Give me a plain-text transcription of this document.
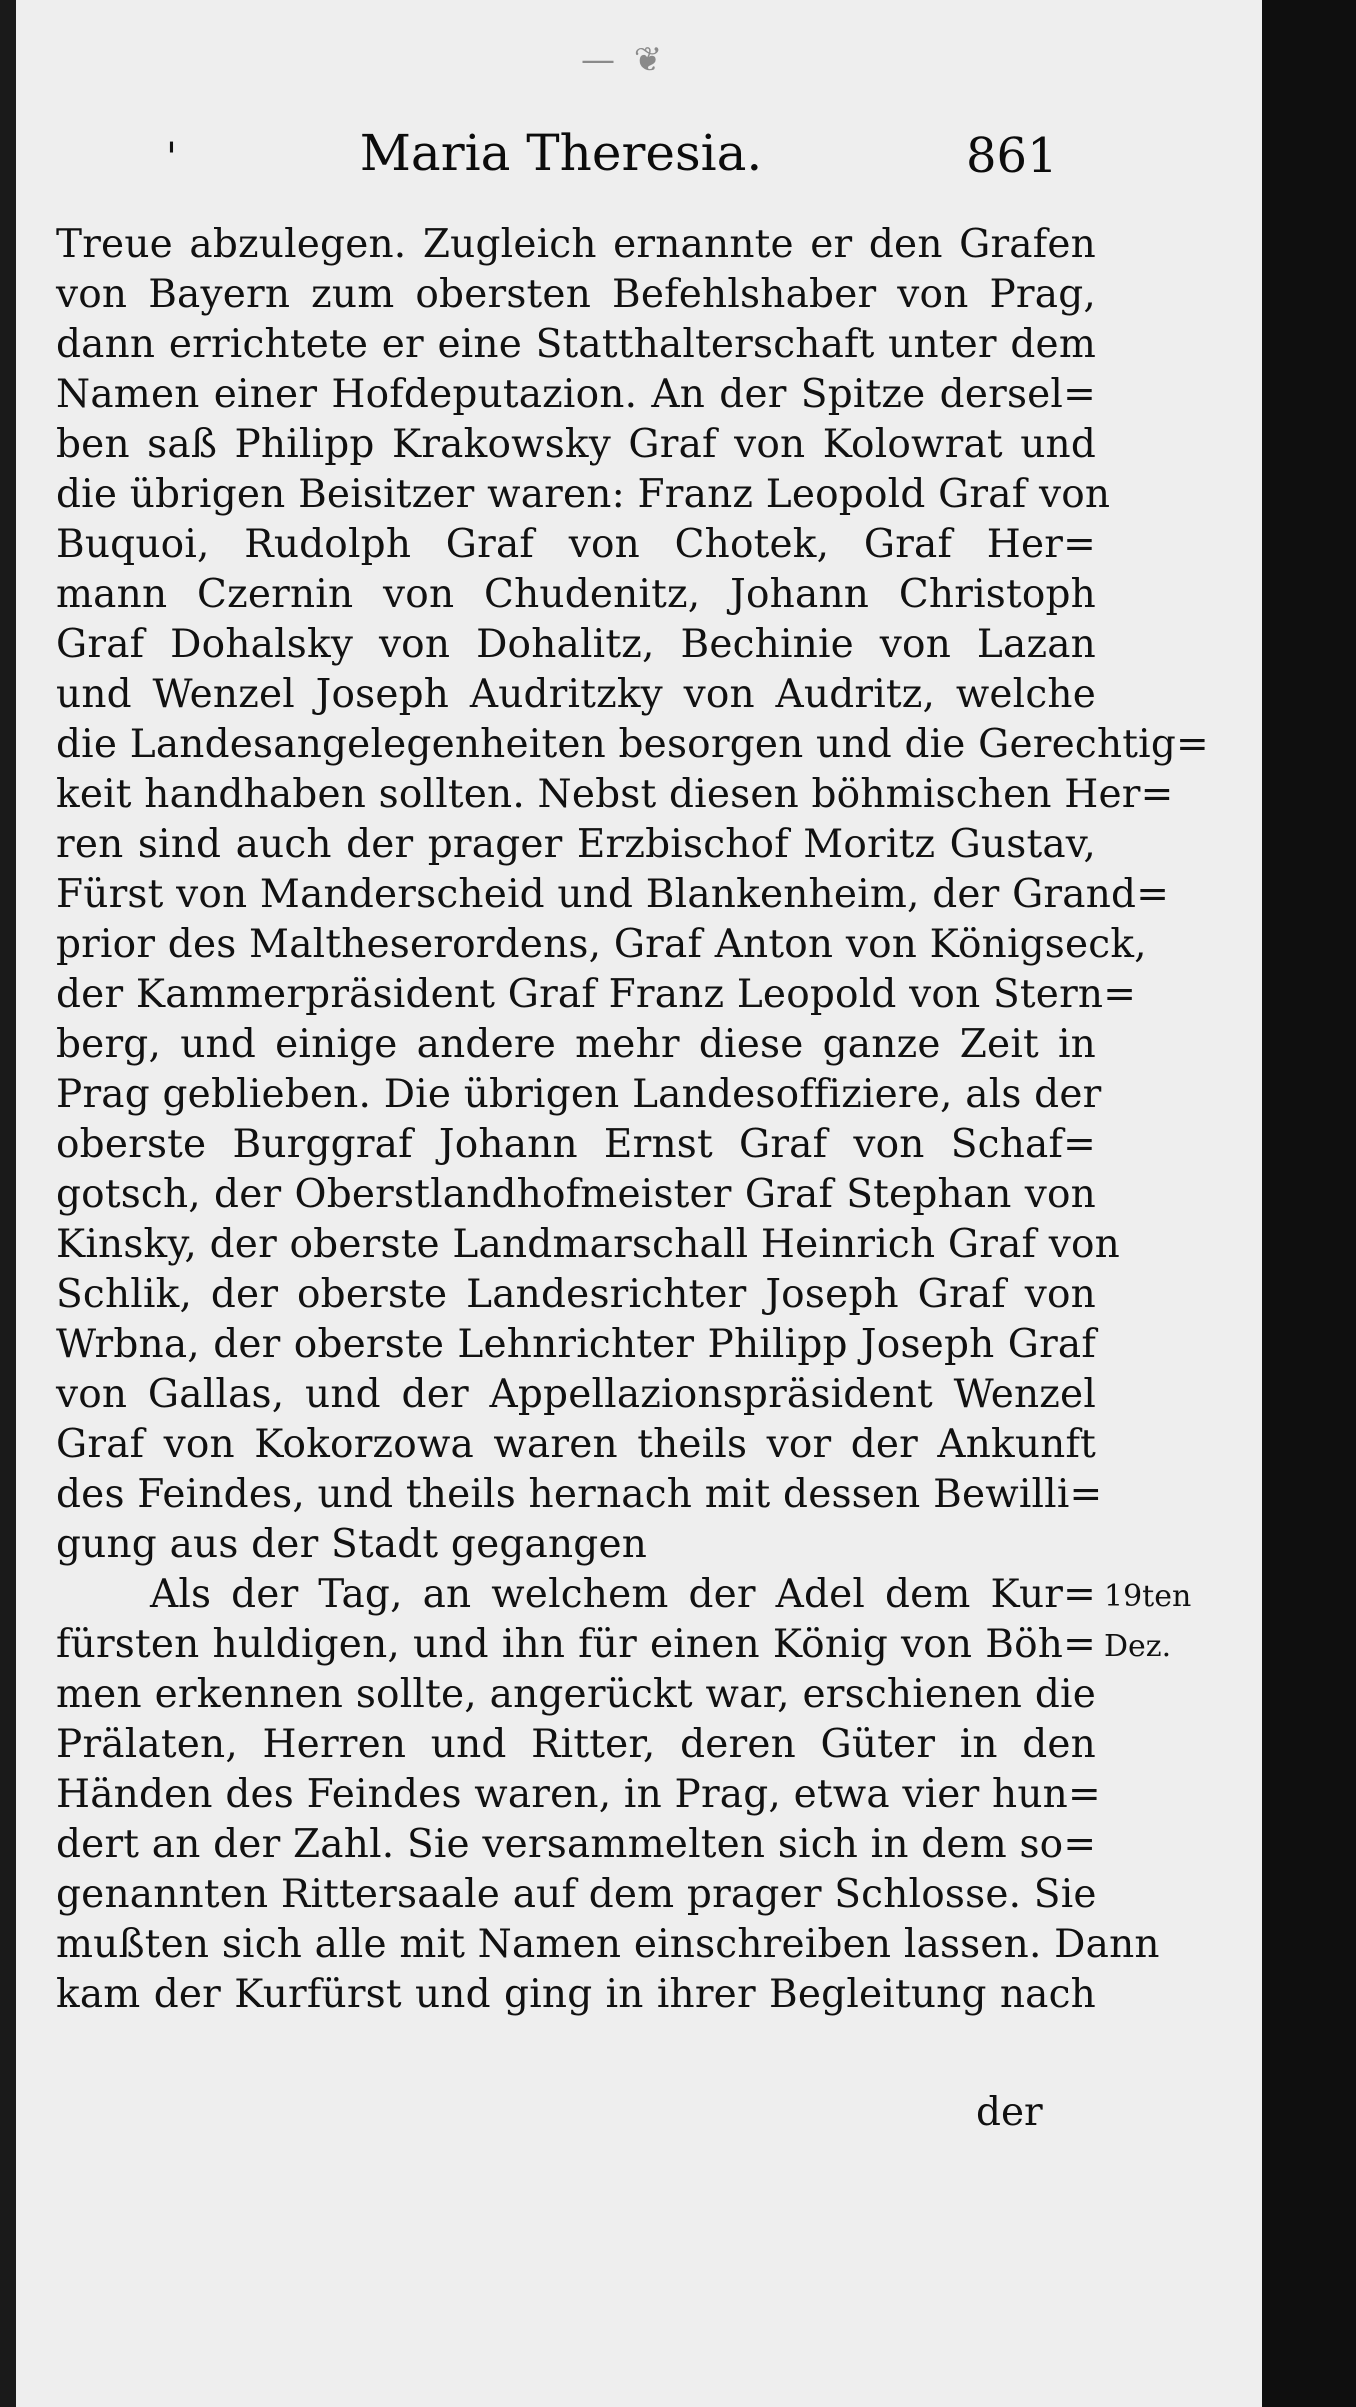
— ❦
'	Maria Theresia.	861
Treue abzulegen. Zugleich ernannte er den Grafen
von Bayern zum obersten Befehlshaber von Prag,
dann errichtete er eine Statthalterschaft unter dem
Namen einer Hofdeputazion. An der Spitze dersel=
ben saß Philipp Krakowsky Graf von Kolowrat und
die übrigen Beisitzer waren: Franz Leopold Graf von
Buquoi, Rudolph Graf von Chotek, Graf Her=
mann Czernin von Chudenitz, Johann Christoph
Graf Dohalsky von Dohalitz, Bechinie von Lazan
und Wenzel Joseph Audritzky von Audritz, welche
die Landesangelegenheiten besorgen und die Gerechtig=
keit handhaben sollten. Nebst diesen böhmischen Her=
ren sind auch der prager Erzbischof Moritz Gustav,
Fürst von Manderscheid und Blankenheim, der Grand=
prior des Maltheserordens, Graf Anton von Königseck,
der Kammerpräsident Graf Franz Leopold von Stern=
berg, und einige andere mehr diese ganze Zeit in
Prag geblieben. Die übrigen Landesoffiziere, als der
oberste Burggraf Johann Ernst Graf von Schaf=
gotsch, der Oberstlandhofmeister Graf Stephan von
Kinsky, der oberste Landmarschall Heinrich Graf von
Schlik, der oberste Landesrichter Joseph Graf von
Wrbna, der oberste Lehnrichter Philipp Joseph Graf
von Gallas, und der Appellazionspräsident Wenzel
Graf von Kokorzowa waren theils vor der Ankunft
des Feindes, und theils hernach mit dessen Bewilli=
gung aus der Stadt gegangen
Als der Tag, an welchem der Adel dem Kur=
fürsten huldigen, und ihn für einen König von Böh=
men erkennen sollte, angerückt war, erschienen die
Prälaten, Herren und Ritter, deren Güter in den
Händen des Feindes waren, in Prag, etwa vier hun=
dert an der Zahl. Sie versammelten sich in dem so=
genannten Rittersaale auf dem prager Schlosse. Sie
mußten sich alle mit Namen einschreiben lassen. Dann
kam der Kurfürst und ging in ihrer Begleitung nach
19ten
Dez.
der
